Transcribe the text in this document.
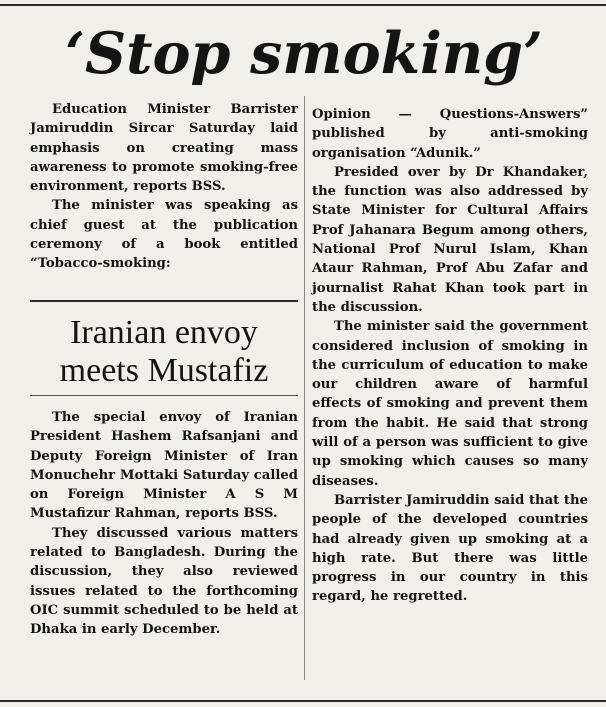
‘Stop smoking’

Education Minister Barrister Jamiruddin Sircar Saturday laid emphasis on creating mass awareness to promote smoking-free environment, reports BSS.

The minister was speaking as chief guest at the publication ceremony of a book entitled “Tobacco-smoking:

Iranian envoy meets Mustafiz

The special envoy of Iranian President Hashem Rafsanjani and Deputy Foreign Minister of Iran Monuchehr Mottaki Saturday called on Foreign Minister A S M Mustafizur Rahman, reports BSS.

They discussed various matters related to Bangladesh. During the discussion, they also reviewed issues related to the forthcoming OIC summit scheduled to be held at Dhaka in early December.

Opinion — Questions-Answers” published by anti-smoking organisation “Adunik.”

Presided over by Dr Khandaker, the function was also addressed by State Minister for Cultural Affairs Prof Jahanara Begum among others, National Prof Nurul Islam, Khan Ataur Rahman, Prof Abu Zafar and journalist Rahat Khan took part in the discussion.

The minister said the government considered inclusion of smoking in the curriculum of education to make our children aware of harmful effects of smoking and prevent them from the habit. He said that strong will of a person was sufficient to give up smoking which causes so many diseases.

Barrister Jamiruddin said that the people of the developed countries had already given up smoking at a high rate. But there was little progress in our country in this regard, he regretted.
